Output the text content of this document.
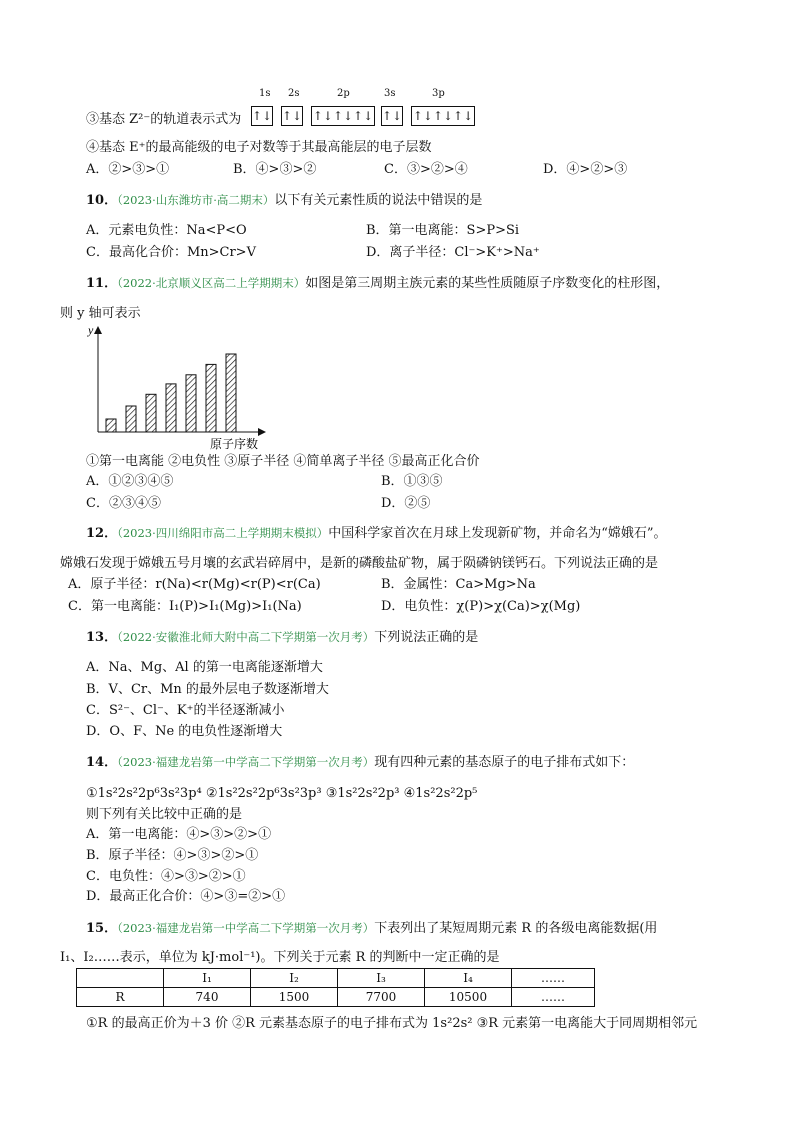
③基态 Z²⁻的轨道表示式为
1s 2s	2p	3s	3p
↑↓ ↑↓ ↑↓↑↓↑↓ ↑↓ ↑↓↑↓↑↓
④基态 E⁺的最高能级的电子对数等于其最高能层的电子层数
A．②>③>①	B．④>③>②	C．③>②>④	D．④>②>③
10．（2023·山东潍坊市·高二期末）以下有关元素性质的说法中错误的是
A．元素电负性：Na<P<O	B．第一电离能：S>P>Si
C．最高化合价：Mn>Cr>V	D．离子半径：Cl⁻>K⁺>Na⁺
11．（2022·北京顺义区高二上学期期末）如图是第三周期主族元素的某些性质随原子序数变化的柱形图，
则 y 轴可表示
y
原子序数
①第一电离能 ②电负性 ③原子半径 ④简单离子半径 ⑤最高正化合价
A．①②③④⑤	B．①③⑤
C．②③④⑤	D．②⑤
12．（2023·四川绵阳市高二上学期期末模拟）中国科学家首次在月球上发现新矿物，并命名为“嫦娥石”。
嫦娥石发现于嫦娥五号月壤的玄武岩碎屑中，是新的磷酸盐矿物，属于陨磷钠镁钙石。下列说法正确的是
A．原子半径：r(Na)<r(Mg)<r(P)<r(Ca)	B．金属性：Ca>Mg>Na
C．第一电离能：I₁(P)>I₁(Mg)>I₁(Na)	D．电负性：χ(P)>χ(Ca)>χ(Mg)
13．（2022·安徽淮北师大附中高二下学期第一次月考）下列说法正确的是
A．Na、Mg、Al 的第一电离能逐渐增大
B．V、Cr、Mn 的最外层电子数逐渐增大
C．S²⁻、Cl⁻、K⁺的半径逐渐减小
D．O、F、Ne 的电负性逐渐增大
14．（2023·福建龙岩第一中学高二下学期第一次月考）现有四种元素的基态原子的电子排布式如下：
①1s²2s²2p⁶3s²3p⁴ ②1s²2s²2p⁶3s²3p³ ③1s²2s²2p³ ④1s²2s²2p⁵
则下列有关比较中正确的是
A．第一电离能：④>③>②>①
B．原子半径：④>③>②>①
C．电负性：④>③>②>①
D．最高正化合价：④>③=②>①
15．（2023·福建龙岩第一中学高二下学期第一次月考）下表列出了某短周期元素 R 的各级电离能数据(用
I₁、I₂……表示，单位为 kJ·mol⁻¹)。下列关于元素 R 的判断中一定正确的是
	I₁	I₂	I₃	I₄	……
R	740	1500	7700	10500	……
①R 的最高正价为＋3 价 ②R 元素基态原子的电子排布式为 1s²2s² ③R 元素第一电离能大于同周期相邻元
